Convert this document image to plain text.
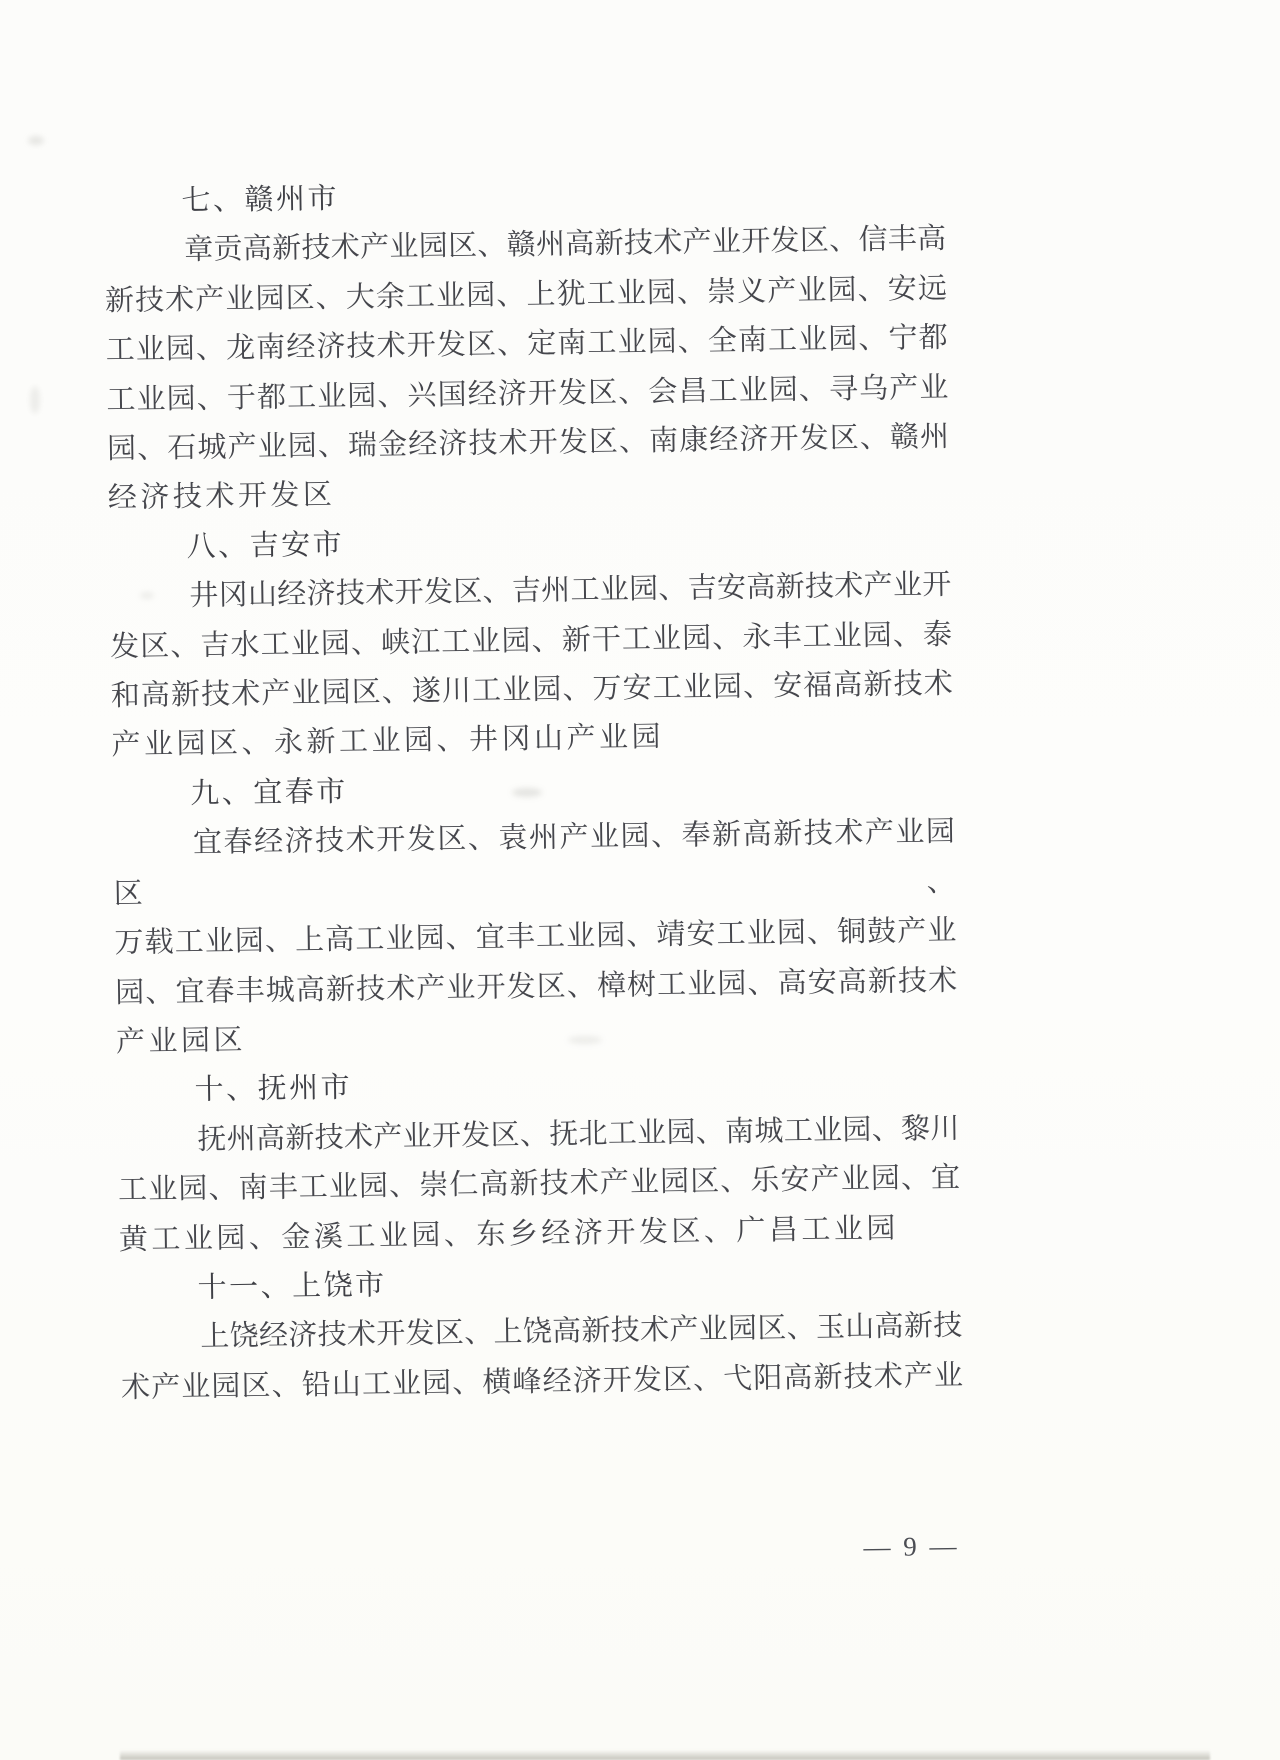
七、赣州市
章贡高新技术产业园区、赣州高新技术产业开发区、信丰高
新技术产业园区、大余工业园、上犹工业园、崇义产业园、安远
工业园、龙南经济技术开发区、定南工业园、全南工业园、宁都
工业园、于都工业园、兴国经济开发区、会昌工业园、寻乌产业
园、石城产业园、瑞金经济技术开发区、南康经济开发区、赣州
经济技术开发区
八、吉安市
井冈山经济技术开发区、吉州工业园、吉安高新技术产业开
发区、吉水工业园、峡江工业园、新干工业园、永丰工业园、泰
和高新技术产业园区、遂川工业园、万安工业园、安福高新技术
产业园区、永新工业园、井冈山产业园
九、宜春市
宜春经济技术开发区、袁州产业园、奉新高新技术产业园区、
万载工业园、上高工业园、宜丰工业园、靖安工业园、铜鼓产业
园、宜春丰城高新技术产业开发区、樟树工业园、高安高新技术
产业园区
十、抚州市
抚州高新技术产业开发区、抚北工业园、南城工业园、黎川
工业园、南丰工业园、崇仁高新技术产业园区、乐安产业园、宜
黄工业园、金溪工业园、东乡经济开发区、广昌工业园
十一、上饶市
上饶经济技术开发区、上饶高新技术产业园区、玉山高新技
术产业园区、铅山工业园、横峰经济开发区、弋阳高新技术产业
— 9 —
